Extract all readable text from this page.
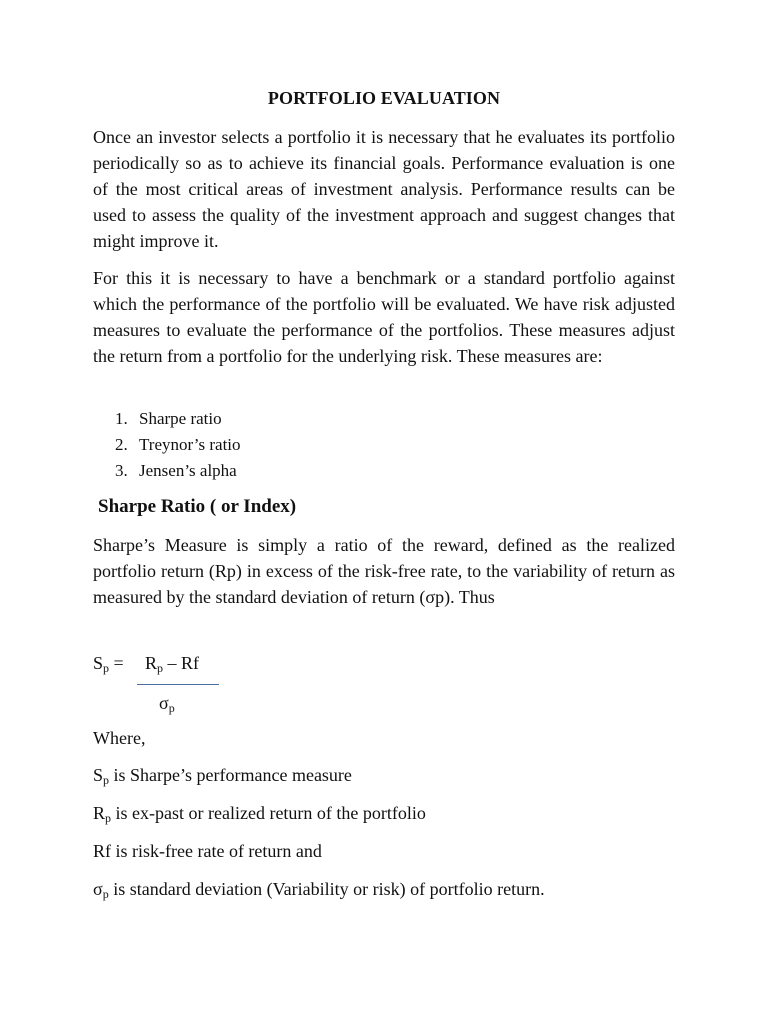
PORTFOLIO EVALUATION

Once an investor selects a portfolio it is necessary that he evaluates its portfolio periodically so as to achieve its financial goals. Performance evaluation is one of the most critical areas of investment analysis. Performance results can be used to assess the quality of the investment approach and suggest changes that might improve it.

For this it is necessary to have a benchmark or a standard portfolio against which the performance of the portfolio will be evaluated. We have risk adjusted measures to evaluate the performance of the portfolios. These measures adjust the return from a portfolio for the underlying risk. These measures are:

1. Sharpe ratio
2. Treynor’s ratio
3. Jensen’s alpha
Sharpe Ratio ( or Index)

Sharpe’s Measure is simply a ratio of the reward, defined as the realized portfolio return (Rp) in excess of the risk-free rate, to the variability of return as measured by the standard deviation of return (σp). Thus

$S_p = R_p - Rf$
$\sigma_p$

Where,

$S_p$ is Sharpe’s performance measure

$R_p$ is ex-past or realized return of the portfolio

Rf is risk-free rate of return and

$\sigma_p$ is standard deviation (Variability or risk) of portfolio return.
